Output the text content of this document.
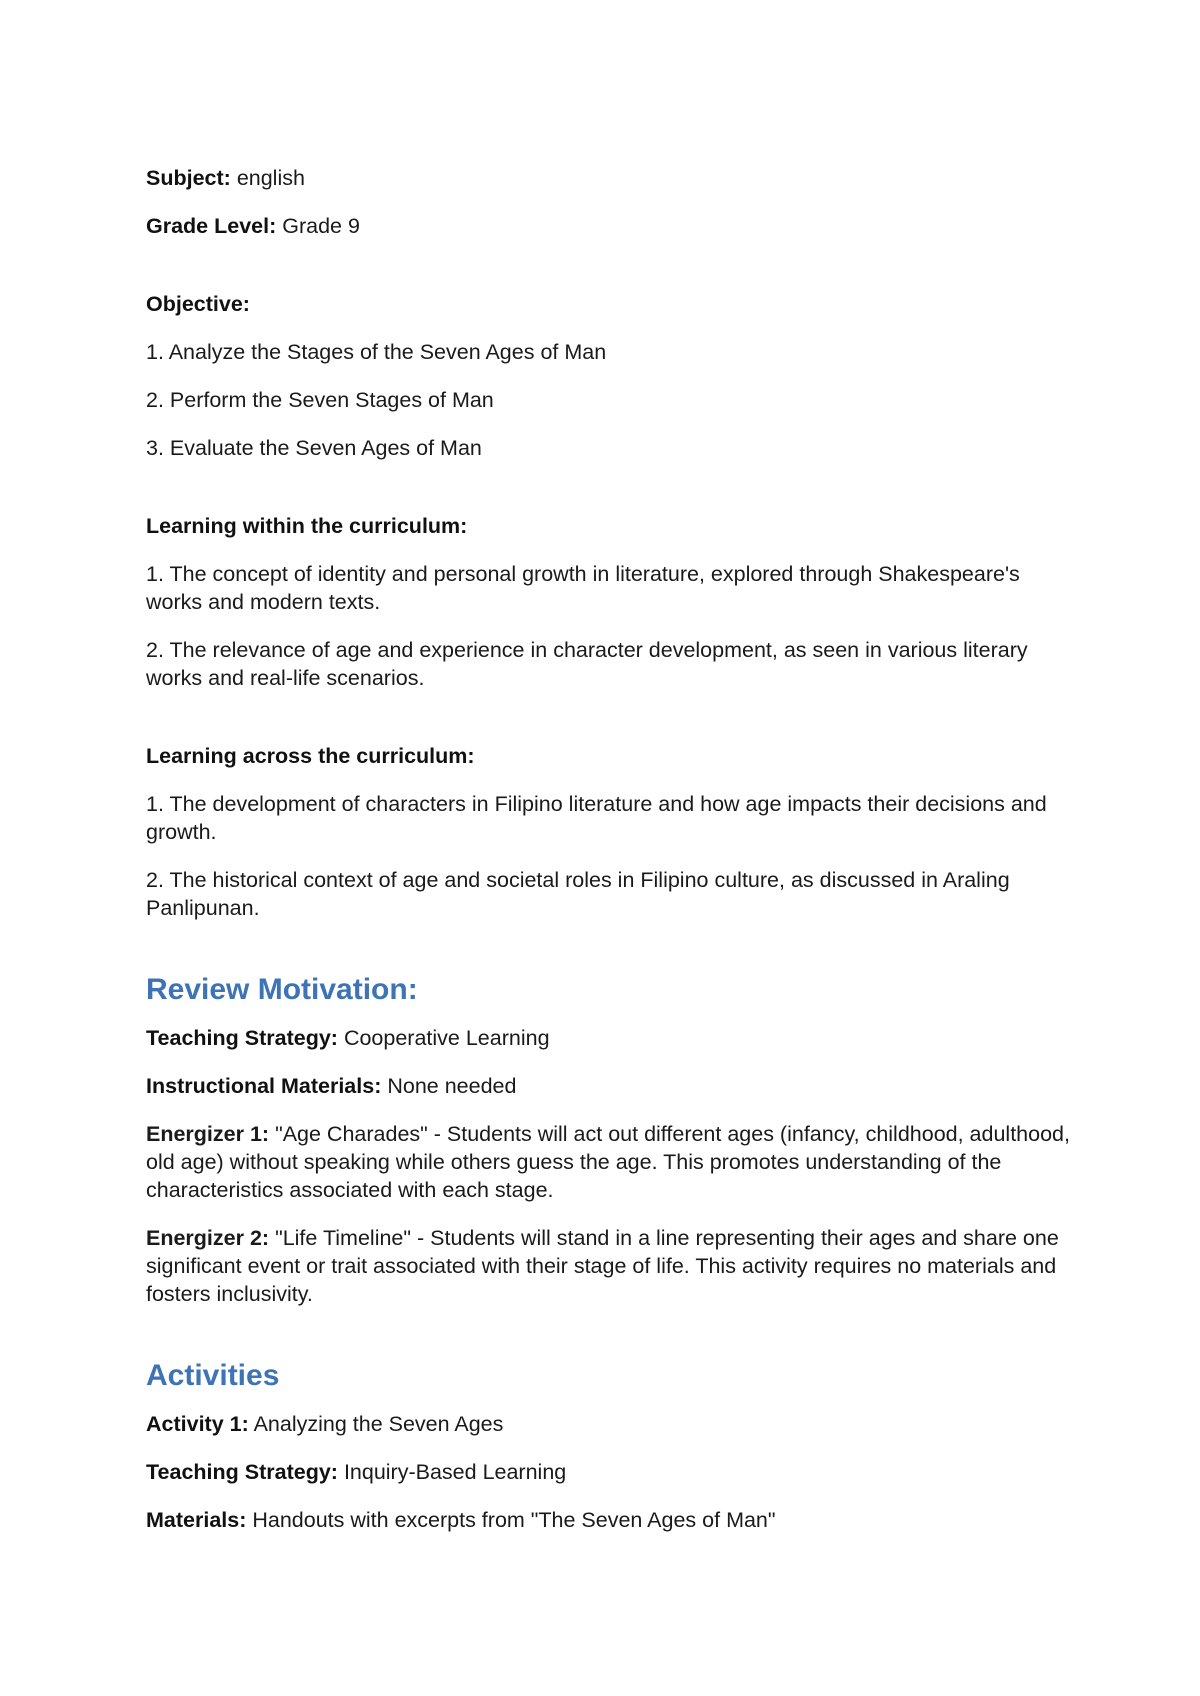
Subject: english

Grade Level: Grade 9

Objective:

1. Analyze the Stages of the Seven Ages of Man

2. Perform the Seven Stages of Man

3. Evaluate the Seven Ages of Man

Learning within the curriculum:

1. The concept of identity and personal growth in literature, explored through Shakespeare's works and modern texts.

2. The relevance of age and experience in character development, as seen in various literary works and real-life scenarios.

Learning across the curriculum:

1. The development of characters in Filipino literature and how age impacts their decisions and growth.

2. The historical context of age and societal roles in Filipino culture, as discussed in Araling Panlipunan.

Review Motivation:

Teaching Strategy: Cooperative Learning

Instructional Materials: None needed

Energizer 1: "Age Charades" - Students will act out different ages (infancy, childhood, adulthood, old age) without speaking while others guess the age. This promotes understanding of the characteristics associated with each stage.

Energizer 2: "Life Timeline" - Students will stand in a line representing their ages and share one significant event or trait associated with their stage of life. This activity requires no materials and fosters inclusivity.

Activities

Activity 1: Analyzing the Seven Ages

Teaching Strategy: Inquiry-Based Learning

Materials: Handouts with excerpts from "The Seven Ages of Man"
